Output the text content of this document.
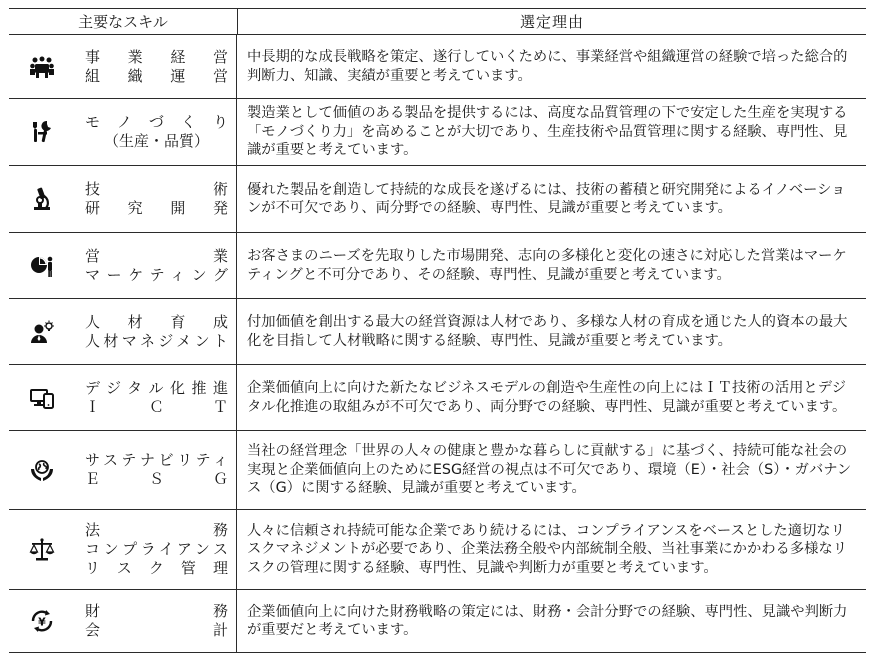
主要なスキル	選定理由
事業経営
組織運営
中長期的な成長戦略を策定、遂行していくために、事業経営や組織運営の経験で培った総合的判断力、知識、実績が重要と考えています。
モノづくり
（生産・品質）
製造業として価値のある製品を提供するには、高度な品質管理の下で安定した生産を実現する「モノづくり力」を高めることが大切であり、生産技術や品質管理に関する経験、専門性、見識が重要と考えています。
技術
研究開発
優れた製品を創造して持続的な成長を遂げるには、技術の蓄積と研究開発によるイノベーションが不可欠であり、両分野での経験、専門性、見識が重要と考えています。
営業
マーケティング
お客さまのニーズを先取りした市場開発、志向の多様化と変化の速さに対応した営業はマーケティングと不可分であり、その経験、専門性、見識が重要と考えています。
人材育成
人材マネジメント
付加価値を創出する最大の経営資源は人材であり、多様な人材の育成を通じた人的資本の最大化を目指して人材戦略に関する経験、専門性、見識が重要と考えています。
デジタル化推進
ＩＣＴ
企業価値向上に向けた新たなビジネスモデルの創造や生産性の向上にはＩＴ技術の活用とデジタル化推進の取組みが不可欠であり、両分野での経験、専門性、見識が重要と考えています。
サステナビリティ
ＥＳＧ
当社の経営理念「世界の人々の健康と豊かな暮らしに貢献する」に基づく、持続可能な社会の実現と企業価値向上のためにESG経営の視点は不可欠であり、環境（E）・社会（S）・ガバナンス（G）に関する経験、見識が重要と考えています。
法務
コンプライアンス
リスク管理
人々に信頼され持続可能な企業であり続けるには、コンプライアンスをベースとした適切なリスクマネジメントが必要であり、企業法務全般や内部統制全般、当社事業にかかわる多様なリスクの管理に関する経験、専門性、見識や判断力が重要と考えています。
¥
財務
会計
企業価値向上に向けた財務戦略の策定には、財務・会計分野での経験、専門性、見識や判断力が重要だと考えています。
